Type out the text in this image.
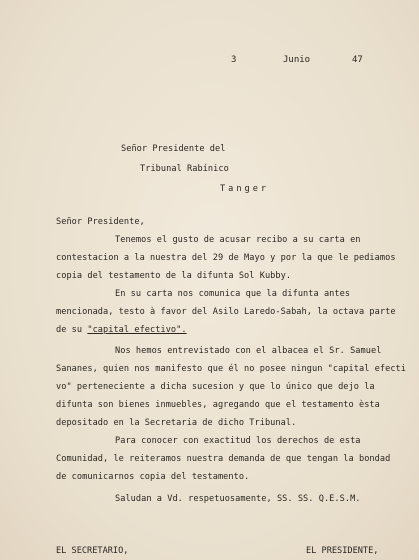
3	Junio	47
Señor Presidente del
Tribunal Rabínico
Tanger
Señor Presidente,
Tenemos el gusto de acusar recibo a su carta en
contestacion a la nuestra del 29 de Mayo y por la que le pediamos
copia del testamento de la difunta Sol Kubby.
En su carta nos comunica que la difunta antes
mencionada, testo à favor del Asilo Laredo-Sabah, la octava parte
de su "capital efectivo".
Nos hemos entrevistado con el albacea el Sr. Samuel
Sananes, quien nos manifesto que él no posee ningun "capital efecti
vo" perteneciente a dicha sucesion y que lo único que dejo la
difunta son bienes inmuebles, agregando que el testamento èsta
depositado en la Secretaria de dicho Tribunal.
Para conocer con exactitud los derechos de esta
Comunidad, le reiteramos nuestra demanda de que tengan la bondad
de comunicarnos copia del testamento.
Saludan a Vd. respetuosamente, SS. SS. Q.E.S.M.
EL SECRETARIO,	EL PRESIDENTE,
